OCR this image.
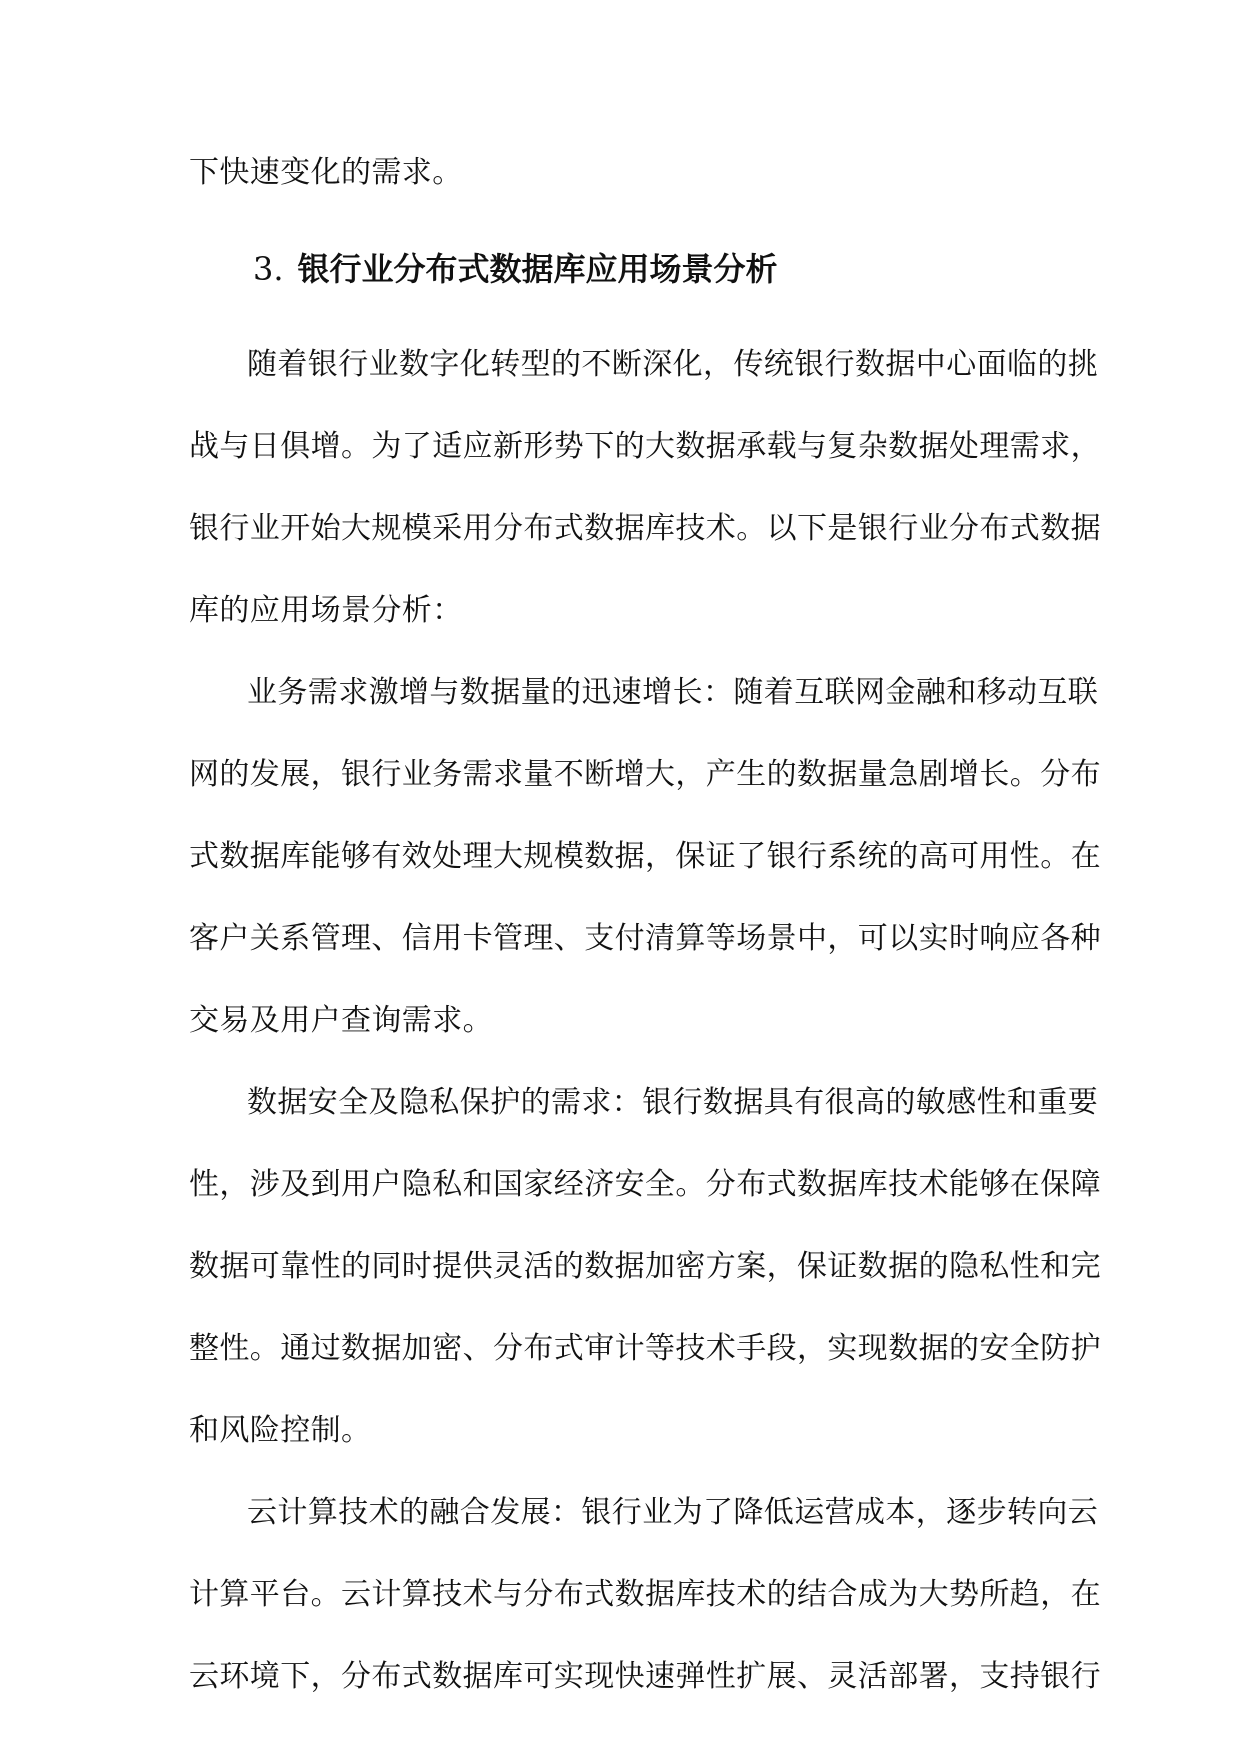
下快速变化的需求。
3. 银行业分布式数据库应用场景分析
随着银行业数字化转型的不断深化，传统银行数据中心面临的挑
战与日俱增。为了适应新形势下的大数据承载与复杂数据处理需求，
银行业开始大规模采用分布式数据库技术。以下是银行业分布式数据
库的应用场景分析：
业务需求激增与数据量的迅速增长：随着互联网金融和移动互联
网的发展，银行业务需求量不断增大，产生的数据量急剧增长。分布
式数据库能够有效处理大规模数据，保证了银行系统的高可用性。在
客户关系管理、信用卡管理、支付清算等场景中，可以实时响应各种
交易及用户查询需求。
数据安全及隐私保护的需求：银行数据具有很高的敏感性和重要
性，涉及到用户隐私和国家经济安全。分布式数据库技术能够在保障
数据可靠性的同时提供灵活的数据加密方案，保证数据的隐私性和完
整性。通过数据加密、分布式审计等技术手段，实现数据的安全防护
和风险控制。
云计算技术的融合发展：银行业为了降低运营成本，逐步转向云
计算平台。云计算技术与分布式数据库技术的结合成为大势所趋，在
云环境下，分布式数据库可实现快速弹性扩展、灵活部署，支持银行
